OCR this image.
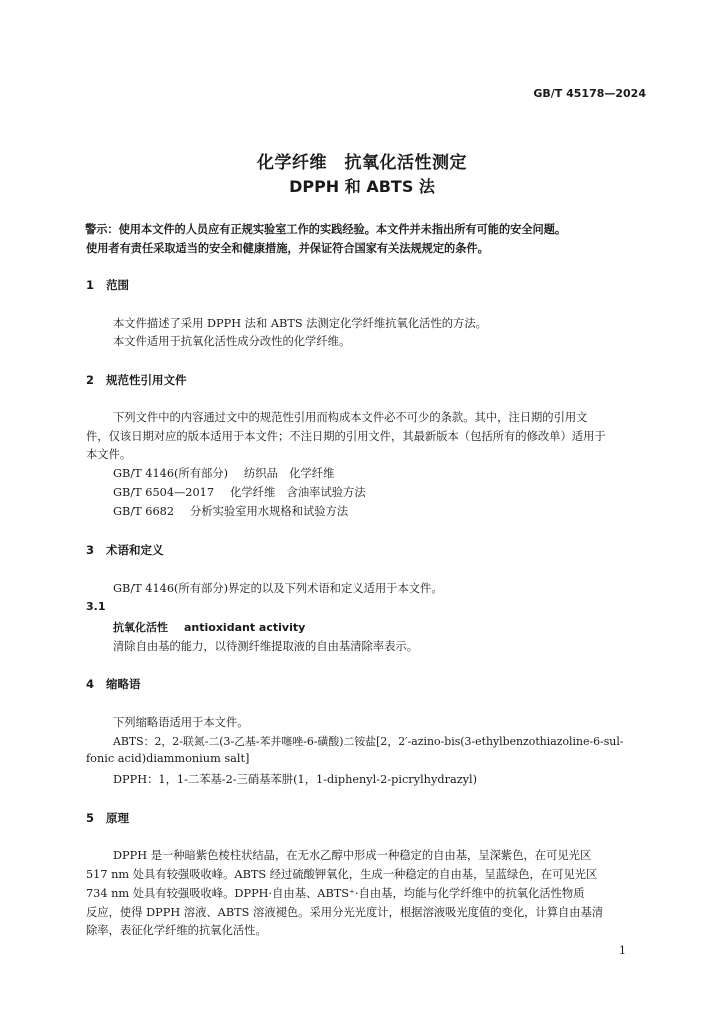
GB/T 45178—2024
化学纤维　抗氧化活性测定
DPPH 和 ABTS 法
警示：使用本文件的人员应有正规实验室工作的实践经验。本文件并未指出所有可能的安全问题。
使用者有责任采取适当的安全和健康措施，并保证符合国家有关法规规定的条件。
1 范围
本文件描述了采用 DPPH 法和 ABTS 法测定化学纤维抗氧化活性的方法。
本文件适用于抗氧化活性成分改性的化学纤维。
2 规范性引用文件
下列文件中的内容通过文中的规范性引用而构成本文件必不可少的条款。其中，注日期的引用文
件，仅该日期对应的版本适用于本文件；不注日期的引用文件，其最新版本（包括所有的修改单）适用于
本文件。
GB/T 4146(所有部分) 纺织品　化学纤维
GB/T 6504—2017 化学纤维　含油率试验方法
GB/T 6682 分析实验室用水规格和试验方法
3 术语和定义
GB/T 4146(所有部分)界定的以及下列术语和定义适用于本文件。
3.1
抗氧化活性 antioxidant activity
清除自由基的能力，以待测纤维提取液的自由基清除率表示。
4 缩略语
下列缩略语适用于本文件。
ABTS：2，2-联氮-二(3-乙基-苯并噻唑-6-磺酸)二铵盐[2，2′-azino-bis(3-ethylbenzothiazoline-6-sul-
fonic acid)diammonium salt]
DPPH：1，1-二苯基-2-三硝基苯肼(1，1-diphenyl-2-picrylhydrazyl)
5 原理
DPPH 是一种暗紫色棱柱状结晶，在无水乙醇中形成一种稳定的自由基，呈深紫色，在可见光区
517 nm 处具有较强吸收峰。ABTS 经过硫酸钾氧化，生成一种稳定的自由基，呈蓝绿色，在可见光区
734 nm 处具有较强吸收峰。DPPH·自由基、ABTS⁺·自由基，均能与化学纤维中的抗氧化活性物质
反应，使得 DPPH 溶液、ABTS 溶液褪色。采用分光光度计，根据溶液吸光度值的变化，计算自由基清
除率，表征化学纤维的抗氧化活性。
1
